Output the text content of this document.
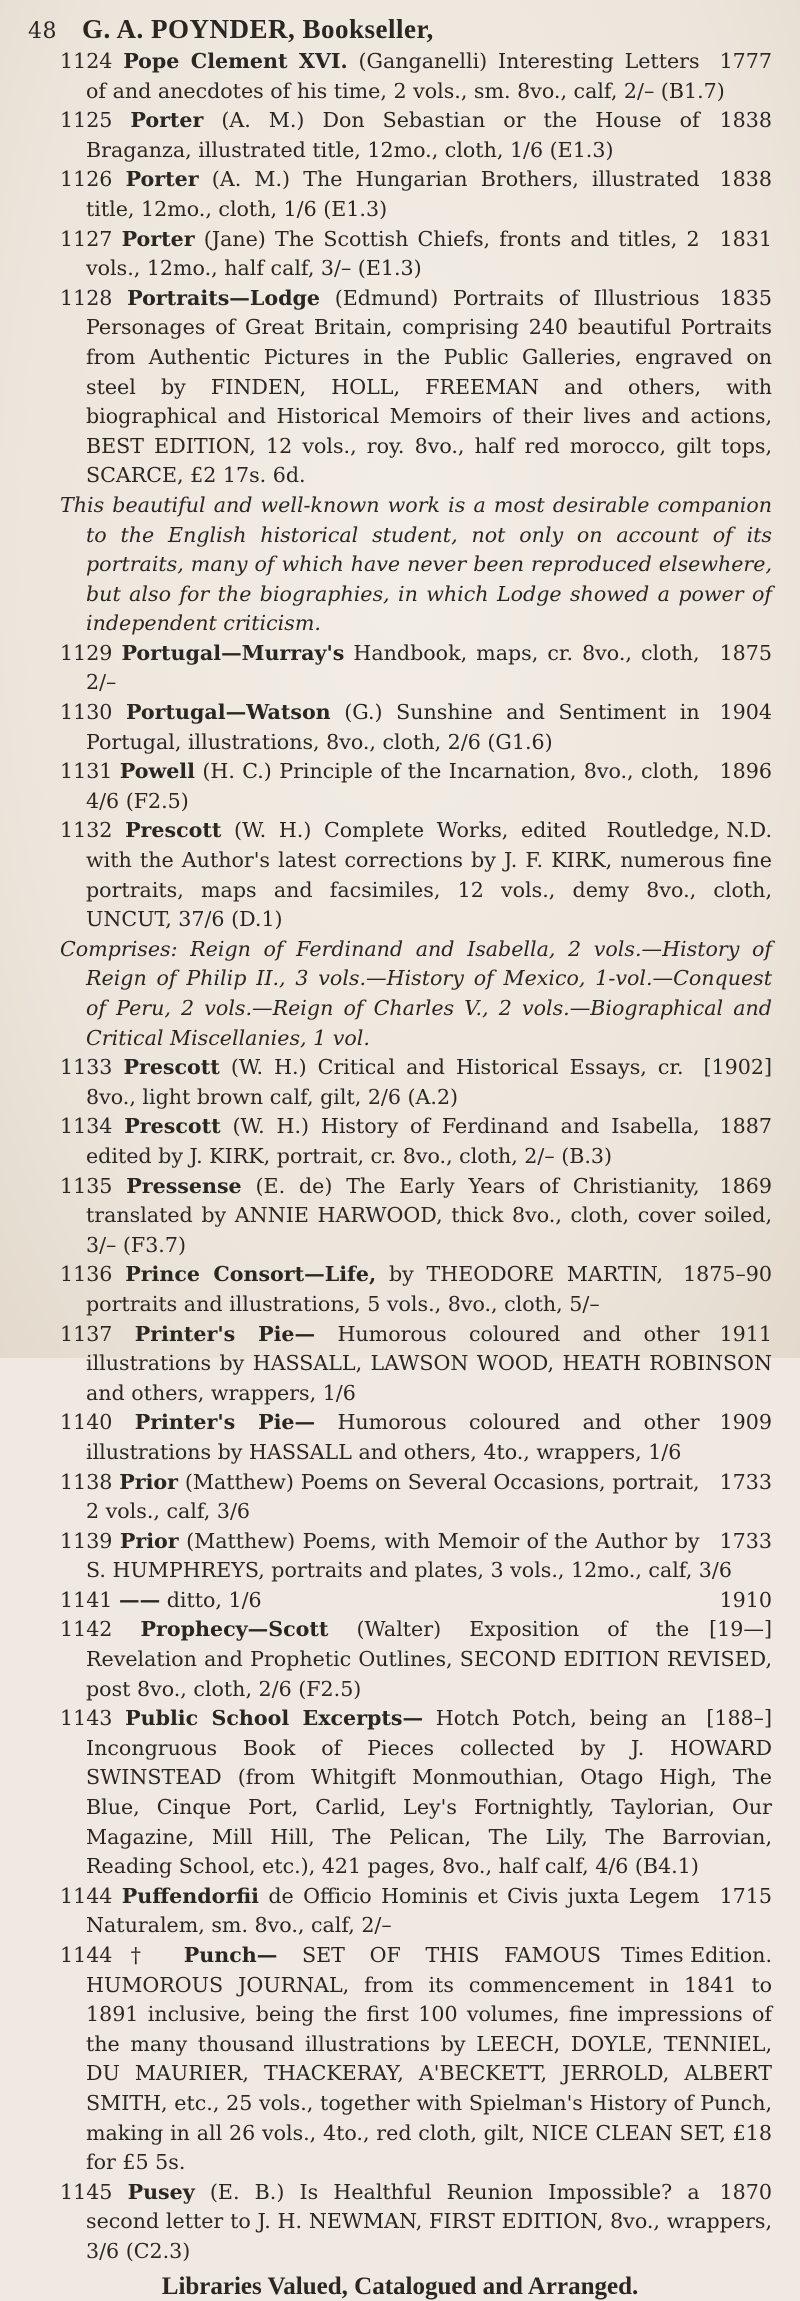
48 G. A. POYNDER, Bookseller,
1777
1124 Pope Clement XVI. (Ganganelli) Interesting Letters of and anecdotes of his time, 2 vols., sm. 8vo., calf, 2/– (B1.7)
1838
1125 Porter (A. M.) Don Sebastian or the House of Braganza, illustrated title, 12mo., cloth, 1/6 (E1.3)
1838
1126 Porter (A. M.) The Hungarian Brothers, illustrated title, 12mo., cloth, 1/6 (E1.3)
1831
1127 Porter (Jane) The Scottish Chiefs, fronts and titles, 2 vols., 12mo., half calf, 3/– (E1.3)
1835
1128 Portraits—Lodge (Edmund) Portraits of Illustrious Personages of Great Britain, comprising 240 beautiful Portraits from Authentic Pictures in the Public Galleries, engraved on steel by FINDEN, HOLL, FREEMAN and others, with biographical and Historical Memoirs of their lives and actions, BEST EDITION, 12 vols., roy. 8vo., half red morocco, gilt tops, SCARCE, £2 17s. 6d.
This beautiful and well-known work is a most desirable companion to the English historical student, not only on account of its portraits, many of which have never been reproduced elsewhere, but also for the biographies, in which Lodge showed a power of independent criticism.
1875
1129 Portugal—Murray's Handbook, maps, cr. 8vo., cloth, 2/–
1904
1130 Portugal—Watson (G.) Sunshine and Sentiment in Portugal, illustrations, 8vo., cloth, 2/6 (G1.6)
1896
1131 Powell (H. C.) Principle of the Incarnation, 8vo., cloth, 4/6 (F2.5)
Routledge, N.D.
1132 Prescott (W. H.) Complete Works, edited with the Author's latest corrections by J. F. KIRK, numerous fine portraits, maps and facsimiles, 12 vols., demy 8vo., cloth, UNCUT, 37/6 (D.1)
Comprises: Reign of Ferdinand and Isabella, 2 vols.—History of Reign of Philip II., 3 vols.—History of Mexico, 1-vol.—Conquest of Peru, 2 vols.—Reign of Charles V., 2 vols.—Biographical and Critical Miscellanies, 1 vol.
[1902]
1133 Prescott (W. H.) Critical and Historical Essays, cr. 8vo., light brown calf, gilt, 2/6 (A.2)
1887
1134 Prescott (W. H.) History of Ferdinand and Isabella, edited by J. KIRK, portrait, cr. 8vo., cloth, 2/– (B.3)
1869
1135 Pressense (E. de) The Early Years of Christianity, translated by ANNIE HARWOOD, thick 8vo., cloth, cover soiled, 3/– (F3.7)
1875–90
1136 Prince Consort—Life, by THEODORE MARTIN, portraits and illustrations, 5 vols., 8vo., cloth, 5/–
1911
1137 Printer's Pie— Humorous coloured and other illustrations by HASSALL, LAWSON WOOD, HEATH ROBINSON and others, wrappers, 1/6
1909
1140 Printer's Pie— Humorous coloured and other illustrations by HASSALL and others, 4to., wrappers, 1/6
1733
1138 Prior (Matthew) Poems on Several Occasions, portrait, 2 vols., calf, 3/6
1733
1139 Prior (Matthew) Poems, with Memoir of the Author by S. HUMPHREYS, portraits and plates, 3 vols., 12mo., calf, 3/6
1910
1141 —— ditto, 1/6
[19—]
1142 Prophecy—Scott (Walter) Exposition of the Revelation and Prophetic Outlines, SECOND EDITION REVISED, post 8vo., cloth, 2/6 (F2.5)
[188–]
1143 Public School Excerpts— Hotch Potch, being an Incongruous Book of Pieces collected by J. HOWARD SWINSTEAD (from Whitgift Monmouthian, Otago High, The Blue, Cinque Port, Carlid, Ley's Fortnightly, Taylorian, Our Magazine, Mill Hill, The Pelican, The Lily, The Barrovian, Reading School, etc.), 421 pages, 8vo., half calf, 4/6 (B4.1)
1715
1144 Puffendorfii de Officio Hominis et Civis juxta Legem Naturalem, sm. 8vo., calf, 2/–
Times Edition.
1144† Punch— SET OF THIS FAMOUS HUMOROUS JOURNAL, from its commencement in 1841 to 1891 inclusive, being the first 100 volumes, fine impressions of the many thousand illustrations by LEECH, DOYLE, TENNIEL, DU MAURIER, THACKERAY, A'BECKETT, JERROLD, ALBERT SMITH, etc., 25 vols., together with Spielman's History of Punch, making in all 26 vols., 4to., red cloth, gilt, NICE CLEAN SET, £18 for £5 5s.
1870
1145 Pusey (E. B.) Is Healthful Reunion Impossible? a second letter to J. H. NEWMAN, FIRST EDITION, 8vo., wrappers, 3/6 (C2.3)
Libraries Valued, Catalogued and Arranged.
